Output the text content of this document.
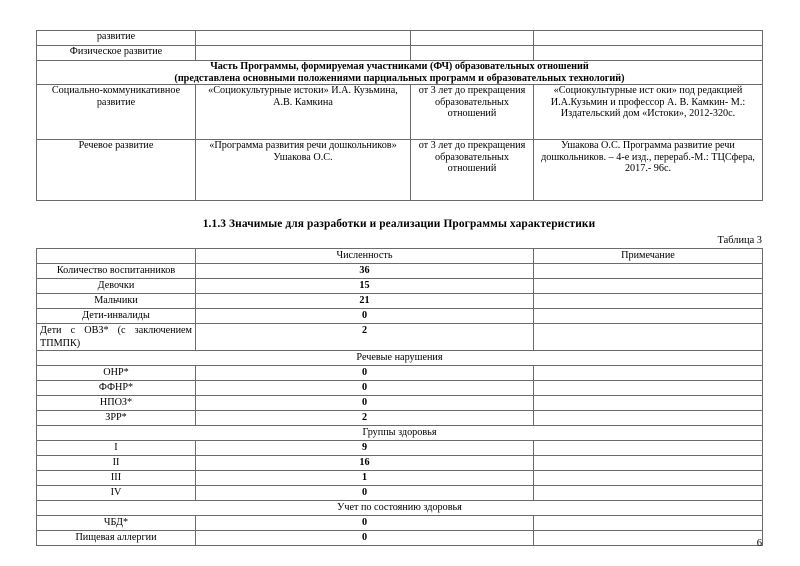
развитие			
Физическое развитие			

Часть Программы, формируемая участниками (ФЧ) образовательных отношений
(представлена основными положениями парциальных программ и образовательных технологий)			

Социально-коммуникативное развитие	«Социокультурные истоки» И.А. Кузьмина, А.В. Камкина	от 3 лет до прекращения образовательных отношений	«Социокультурные ист оки» под редакцией И.А.Кузьмин и профессор А. В. Камкин- М.: Издательский дом «Истоки», 2012-320с.
Речевое развитие	«Программа развития речи дошкольников» Ушакова О.С.	от 3 лет до прекращения образовательных отношений	Ушакова О.С. Программа развитие речи дошкольников. – 4-е изд., перераб.-М.: ТЦСфера, 2017.- 96с.
1.1.3 Значимые для разработки и реализации Программы характеристики
Таблица 3
	Численность	Примечание
Количество воспитанников	36	
Девочки	15	
Мальчики	21	
Дети-инвалиды	0	
Дети с ОВЗ* (с заключением ТПМПК)	2	
Речевые нарушения		
ОНР*	0	
ФФНР*	0	
НПОЗ*	0	
ЗРР*	2	
Группы здоровья		
I	9	
II	16	
III	1	
IV	0	
Учет по состоянию здоровья		
ЧБД*	0	
Пищевая аллергии	0	
6
